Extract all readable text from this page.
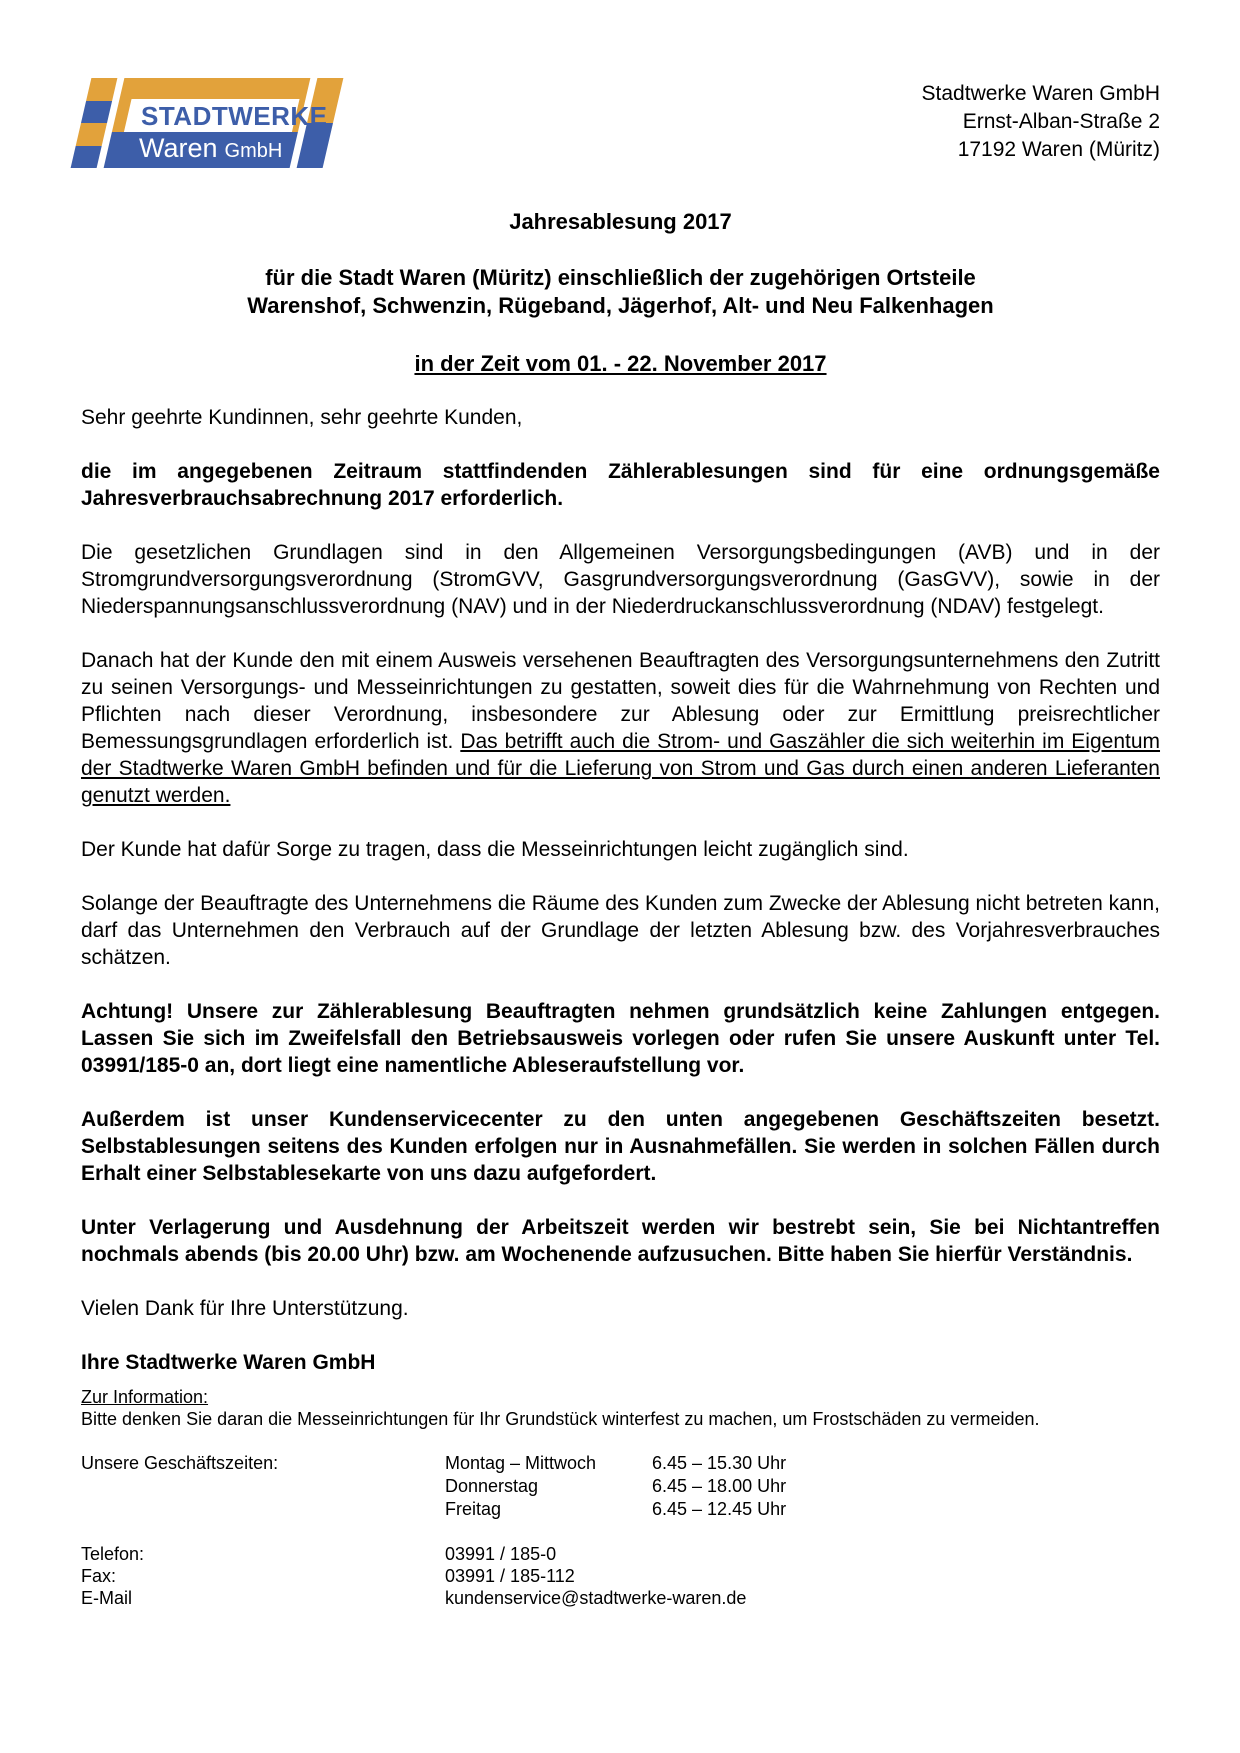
STADTWERKE
Waren GmbH
Stadtwerke Waren GmbH
Ernst-Alban-Straße 2
17192 Waren (Müritz)
Jahresablesung 2017
für die Stadt Waren (Müritz) einschließlich der zugehörigen Ortsteile
Warenshof, Schwenzin, Rügeband, Jägerhof, Alt- und Neu Falkenhagen
in der Zeit vom 01. - 22. November 2017

Sehr geehrte Kundinnen, sehr geehrte Kunden,

die im angegebenen Zeitraum stattfindenden Zählerablesungen sind für eine ordnungsgemäße Jahresverbrauchsabrechnung 2017 erforderlich.

Die gesetzlichen Grundlagen sind in den Allgemeinen Versorgungsbedingungen (AVB) und in der Stromgrundversorgungsverordnung (StromGVV, Gasgrundversorgungsverordnung (GasGVV), sowie in der Niederspannungsanschlussverordnung (NAV) und in der Niederdruckanschlussverordnung (NDAV) festgelegt.

Danach hat der Kunde den mit einem Ausweis versehenen Beauftragten des Versorgungsunternehmens den Zutritt zu seinen Versorgungs- und Messeinrichtungen zu gestatten, soweit dies für die Wahrnehmung von Rechten und Pflichten nach dieser Verordnung, insbesondere zur Ablesung oder zur Ermittlung preisrechtlicher Bemessungsgrundlagen erforderlich ist. Das betrifft auch die Strom- und Gaszähler die sich weiterhin im Eigentum der Stadtwerke Waren GmbH befinden und für die Lieferung von Strom und Gas durch einen anderen Lieferanten genutzt werden.

Der Kunde hat dafür Sorge zu tragen, dass die Messeinrichtungen leicht zugänglich sind.

Solange der Beauftragte des Unternehmens die Räume des Kunden zum Zwecke der Ablesung nicht betreten kann, darf das Unternehmen den Verbrauch auf der Grundlage der letzten Ablesung bzw. des Vorjahresverbrauches schätzen.

Achtung! Unsere zur Zählerablesung Beauftragten nehmen grundsätzlich keine Zahlungen entgegen. Lassen Sie sich im Zweifelsfall den Betriebsausweis vorlegen oder rufen Sie unsere Auskunft unter Tel. 03991/185-0 an, dort liegt eine namentliche Ableseraufstellung vor.

Außerdem ist unser Kundenservicecenter zu den unten angegebenen Geschäftszeiten besetzt. Selbstablesungen seitens des Kunden erfolgen nur in Ausnahmefällen. Sie werden in solchen Fällen durch Erhalt einer Selbstablesekarte von uns dazu aufgefordert.

Unter Verlagerung und Ausdehnung der Arbeitszeit werden wir bestrebt sein, Sie bei Nichtantreffen nochmals abends (bis 20.00 Uhr) bzw. am Wochenende aufzusuchen. Bitte haben Sie hierfür Verständnis.

Vielen Dank für Ihre Unterstützung.

Ihre Stadtwerke Waren GmbH

Zur Information:
Bitte denken Sie daran die Messeinrichtungen für Ihr Grundstück winterfest zu machen, um Frostschäden zu vermeiden.
Unsere Geschäftszeiten:	Montag – Mittwoch	6.45 – 15.30 Uhr
Donnerstag	6.45 – 18.00 Uhr
Freitag	6.45 – 12.45 Uhr
Telefon:	03991 / 185-0
Fax:	03991 / 185-112
E-Mail	kundenservice@stadtwerke-waren.de
